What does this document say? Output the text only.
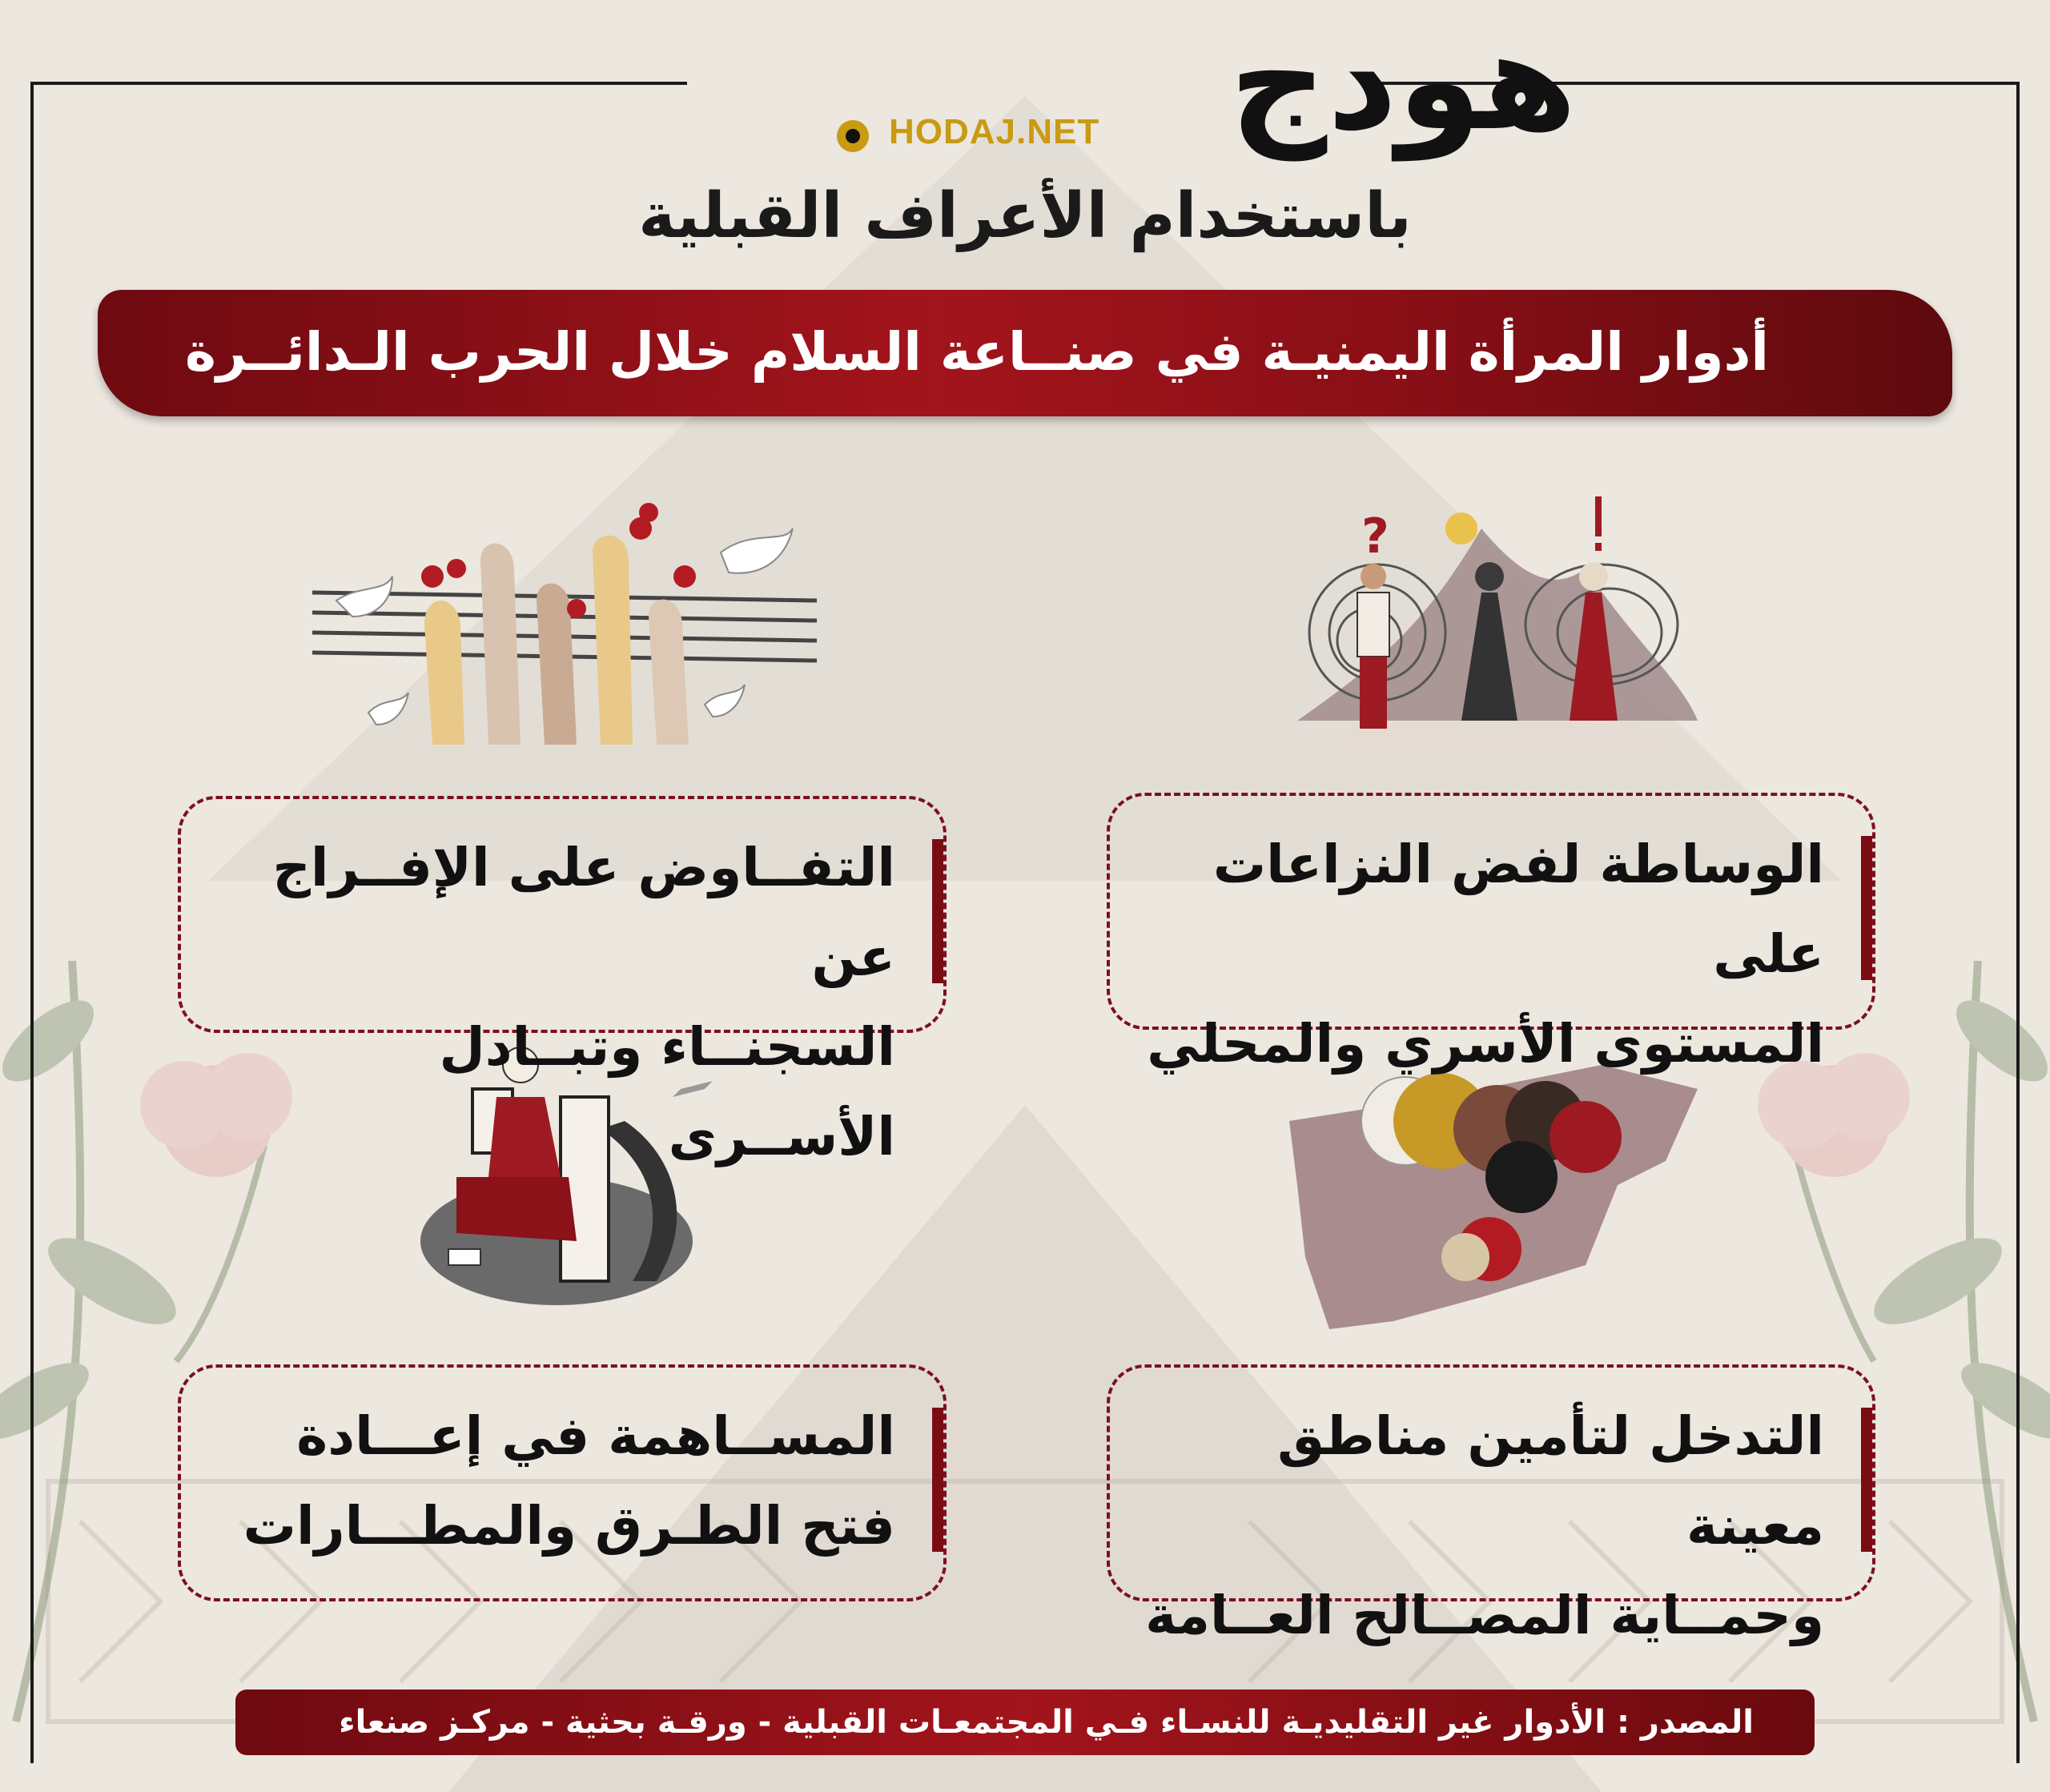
هودج
HODAJ.NET
باستخدام الأعراف القبلية
أدوار المرأة اليمنيـة في صنــاعة السلام خلال الحرب الـدائــرة
?
الوساطة لفض النزاعات على
المستوى الأسري والمحلي
التفــاوض على الإفــراج عن
السجنــاء وتبــادل الأســرى
التدخل لتأمين مناطق معينة
وحمــاية المصــالح العــامة
المســاهمة في إعـــادة
فتح الطـرق والمطـــارات
المصدر : الأدوار غير التقليديـة للنسـاء فـي المجتمعـات القبلية - ورقـة بحثية - مركـز صنعاء
